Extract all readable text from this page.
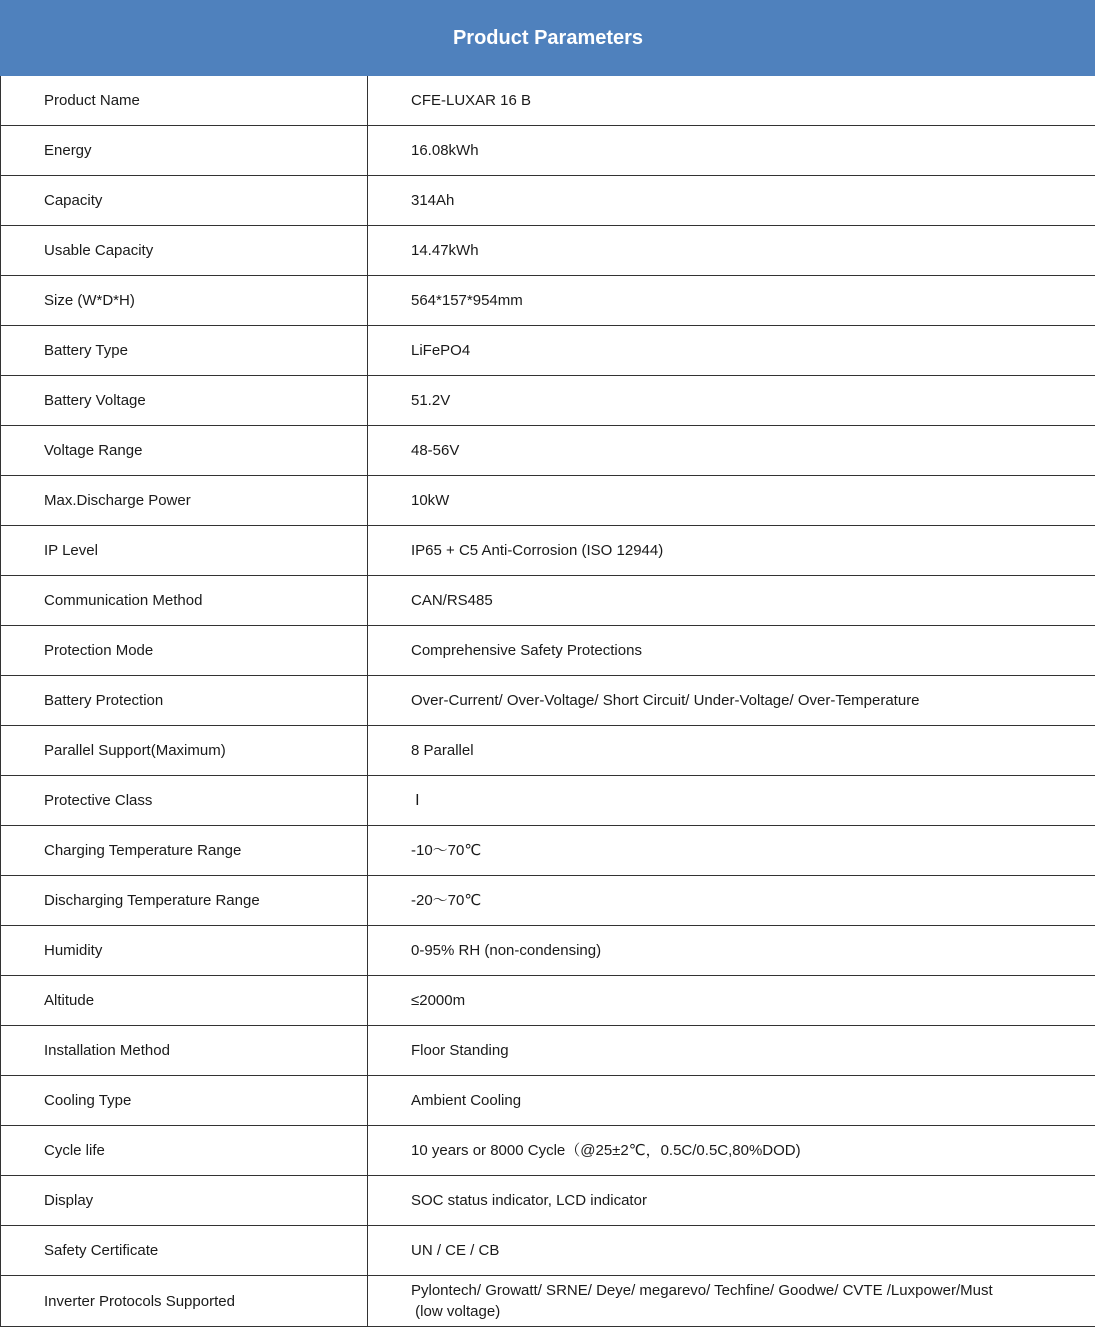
Product Parameters	
Product Name	CFE-LUXAR 16 B
Energy	16.08kWh
Capacity	314Ah
Usable Capacity	14.47kWh
Size (W*D*H)	564*157*954mm
Battery Type	LiFePO4
Battery Voltage	51.2V
Voltage Range	48-56V
Max.Discharge Power	10kW
IP Level	IP65 + C5 Anti-Corrosion (ISO 12944)
Communication Method	CAN/RS485
Protection Mode	Comprehensive Safety Protections
Battery Protection	Over-Current/ Over-Voltage/ Short Circuit/ Under-Voltage/ Over-Temperature
Parallel Support(Maximum)	8 Parallel
Protective Class	Ⅰ
Charging Temperature Range	-10～70℃
Discharging Temperature Range	-20～70℃
Humidity	0-95% RH (non-condensing)
Altitude	≤2000m
Installation Method	Floor Standing
Cooling Type	Ambient Cooling
Cycle life	10 years or 8000 Cycle（@25±2℃，0.5C/0.5C,80%DOD)
Display	SOC status indicator, LCD indicator
Safety Certificate	UN / CE / CB
Inverter Protocols Supported	Pylontech/ Growatt/ SRNE/ Deye/ megarevo/ Techfine/ Goodwe/ CVTE /Luxpower/Must
(low voltage)
